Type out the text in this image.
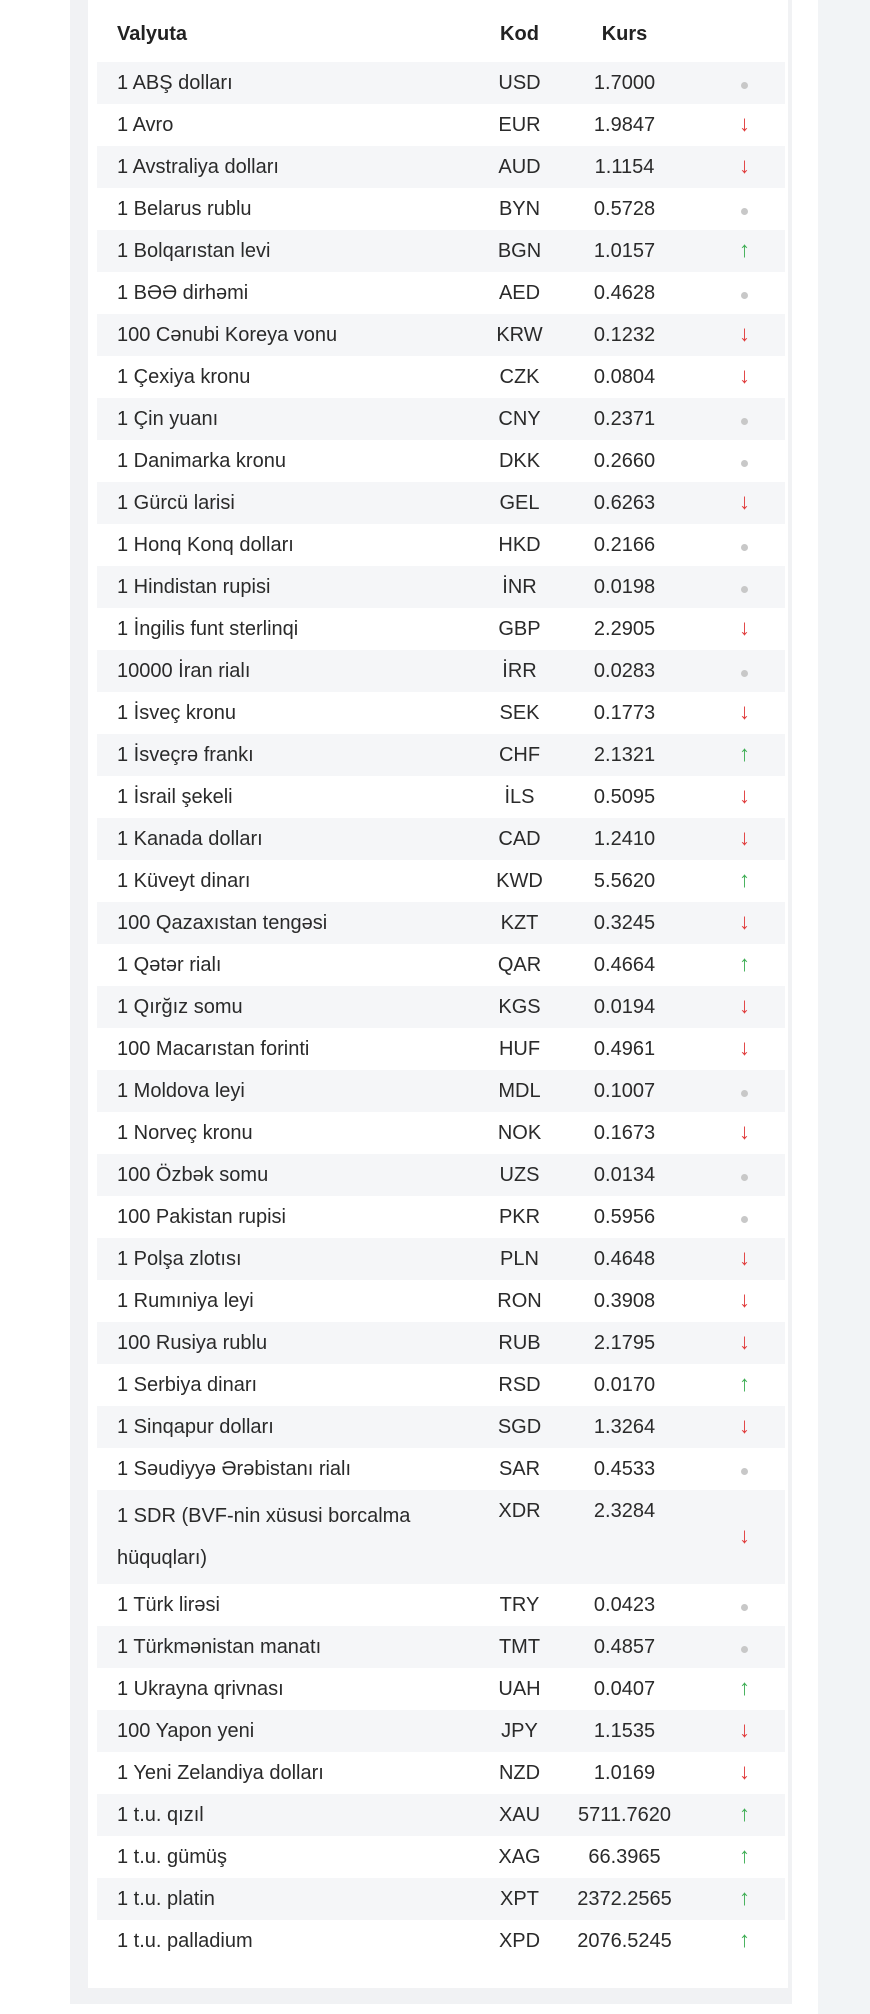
Valyuta	Kod	Kurs	
1 ABŞ dolları	USD	1.7000	
1 Avro	EUR	1.9847	↓
1 Avstraliya dolları	AUD	1.1154	↓
1 Belarus rublu	BYN	0.5728	
1 Bolqarıstan levi	BGN	1.0157	↑
1 BƏƏ dirhəmi	AED	0.4628	
100 Cənubi Koreya vonu	KRW	0.1232	↓
1 Çexiya kronu	CZK	0.0804	↓
1 Çin yuanı	CNY	0.2371	
1 Danimarka kronu	DKK	0.2660	
1 Gürcü larisi	GEL	0.6263	↓
1 Honq Konq dolları	HKD	0.2166	
1 Hindistan rupisi	İNR	0.0198	
1 İngilis funt sterlinqi	GBP	2.2905	↓
10000 İran rialı	İRR	0.0283	
1 İsveç kronu	SEK	0.1773	↓
1 İsveçrə frankı	CHF	2.1321	↑
1 İsrail şekeli	İLS	0.5095	↓
1 Kanada dolları	CAD	1.2410	↓
1 Küveyt dinarı	KWD	5.5620	↑
100 Qazaxıstan tengəsi	KZT	0.3245	↓
1 Qətər rialı	QAR	0.4664	↑
1 Qırğız somu	KGS	0.0194	↓
100 Macarıstan forinti	HUF	0.4961	↓
1 Moldova leyi	MDL	0.1007	
1 Norveç kronu	NOK	0.1673	↓
100 Özbək somu	UZS	0.0134	
100 Pakistan rupisi	PKR	0.5956	
1 Polşa zlotısı	PLN	0.4648	↓
1 Rumıniya leyi	RON	0.3908	↓
100 Rusiya rublu	RUB	2.1795	↓
1 Serbiya dinarı	RSD	0.0170	↑
1 Sinqapur dolları	SGD	1.3264	↓
1 Səudiyyə Ərəbistanı rialı	SAR	0.4533	
1 SDR (BVF-nin xüsusi borcalma hüquqları)	XDR	2.3284	↓
1 Türk lirəsi	TRY	0.0423	
1 Türkmənistan manatı	TMT	0.4857	
1 Ukrayna qrivnası	UAH	0.0407	↑
100 Yapon yeni	JPY	1.1535	↓
1 Yeni Zelandiya dolları	NZD	1.0169	↓
1 t.u. qızıl	XAU	5711.7620	↑
1 t.u. gümüş	XAG	66.3965	↑
1 t.u. platin	XPT	2372.2565	↑
1 t.u. palladium	XPD	2076.5245	↑
